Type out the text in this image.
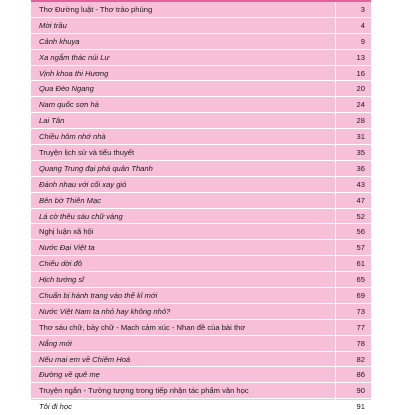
Thơ Đường luật - Thơ trào phúng	3
Mời trầu	4
Cảnh khuya	9
Xa ngắm thác núi Lư	13
Vịnh khoa thi Hương	16
Qua Đèo Ngang	20
Nam quốc sơn hà	24
Lai Tân	28
Chiều hôm nhớ nhà	31
Truyện lịch sử và tiểu thuyết	35
Quang Trung đại phá quân Thanh	36
Đánh nhau với cối xay gió	43
Bên bờ Thiên Mạc	47
Lá cờ thêu sáu chữ vàng	52
Nghị luận xã hội	56
Nước Đại Việt ta	57
Chiếu dời đô	61
Hịch tướng sĩ	65
Chuẩn bị hành trang vào thế kỉ mới	69
Nước Việt Nam ta nhỏ hay không nhỏ?	73
Thơ sáu chữ, bảy chữ - Mạch cảm xúc - Nhan đề của bài thơ	77
Nắng mới	78
Nếu mai em về Chiêm Hoá	82
Đường về quê mẹ	86
Truyện ngắn - Tưởng tượng trong tiếp nhận tác phẩm văn học	90
Tôi đi học	91
